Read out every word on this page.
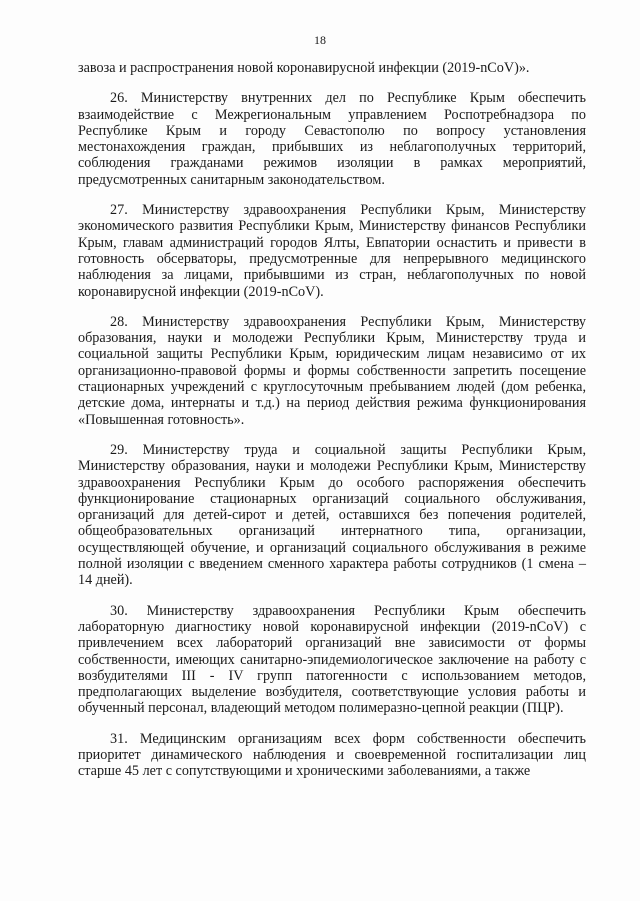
18

завоза и распространения новой коронавирусной инфекции (2019-nCoV)».

26. Министерству внутренних дел по Республике Крым обеспечить взаимодействие с Межрегиональным управлением Роспотребнадзора по Республике Крым и городу Севастополю по вопросу установления местонахождения граждан, прибывших из неблагополучных территорий, соблюдения гражданами режимов изоляции в рамках мероприятий, предусмотренных санитарным законодательством.

27. Министерству здравоохранения Республики Крым, Министерству экономического развития Республики Крым, Министерству финансов Республики Крым, главам администраций городов Ялты, Евпатории оснастить и привести в готовность обсерваторы, предусмотренные для непрерывного медицинского наблюдения за лицами, прибывшими из стран, неблагополучных по новой коронавирусной инфекции (2019-nCoV).

28. Министерству здравоохранения Республики Крым, Министерству образования, науки и молодежи Республики Крым, Министерству труда и социальной защиты Республики Крым, юридическим лицам независимо от их организационно-правовой формы и формы собственности запретить посещение стационарных учреждений с круглосуточным пребыванием людей (дом ребенка, детские дома, интернаты и т.д.) на период действия режима функционирования «Повышенная готовность».

29. Министерству труда и социальной защиты Республики Крым, Министерству образования, науки и молодежи Республики Крым, Министерству здравоохранения Республики Крым до особого распоряжения обеспечить функционирование стационарных организаций социального обслуживания, организаций для детей-сирот и детей, оставшихся без попечения родителей, общеобразовательных организаций интернатного типа, организации, осуществляющей обучение, и организаций социального обслуживания в режиме полной изоляции с введением сменного характера работы сотрудников (1 смена – 14 дней).

30. Министерству здравоохранения Республики Крым обеспечить лабораторную диагностику новой коронавирусной инфекции (2019-nCoV) с привлечением всех лабораторий организаций вне зависимости от формы собственности, имеющих санитарно-эпидемиологическое заключение на работу с возбудителями III - IV групп патогенности с использованием методов, предполагающих выделение возбудителя, соответствующие условия работы и обученный персонал, владеющий методом полимеразно-цепной реакции (ПЦР).

31. Медицинским организациям всех форм собственности обеспечить приоритет динамического наблюдения и своевременной госпитализации лиц старше 45 лет с сопутствующими и хроническими заболеваниями, а также
